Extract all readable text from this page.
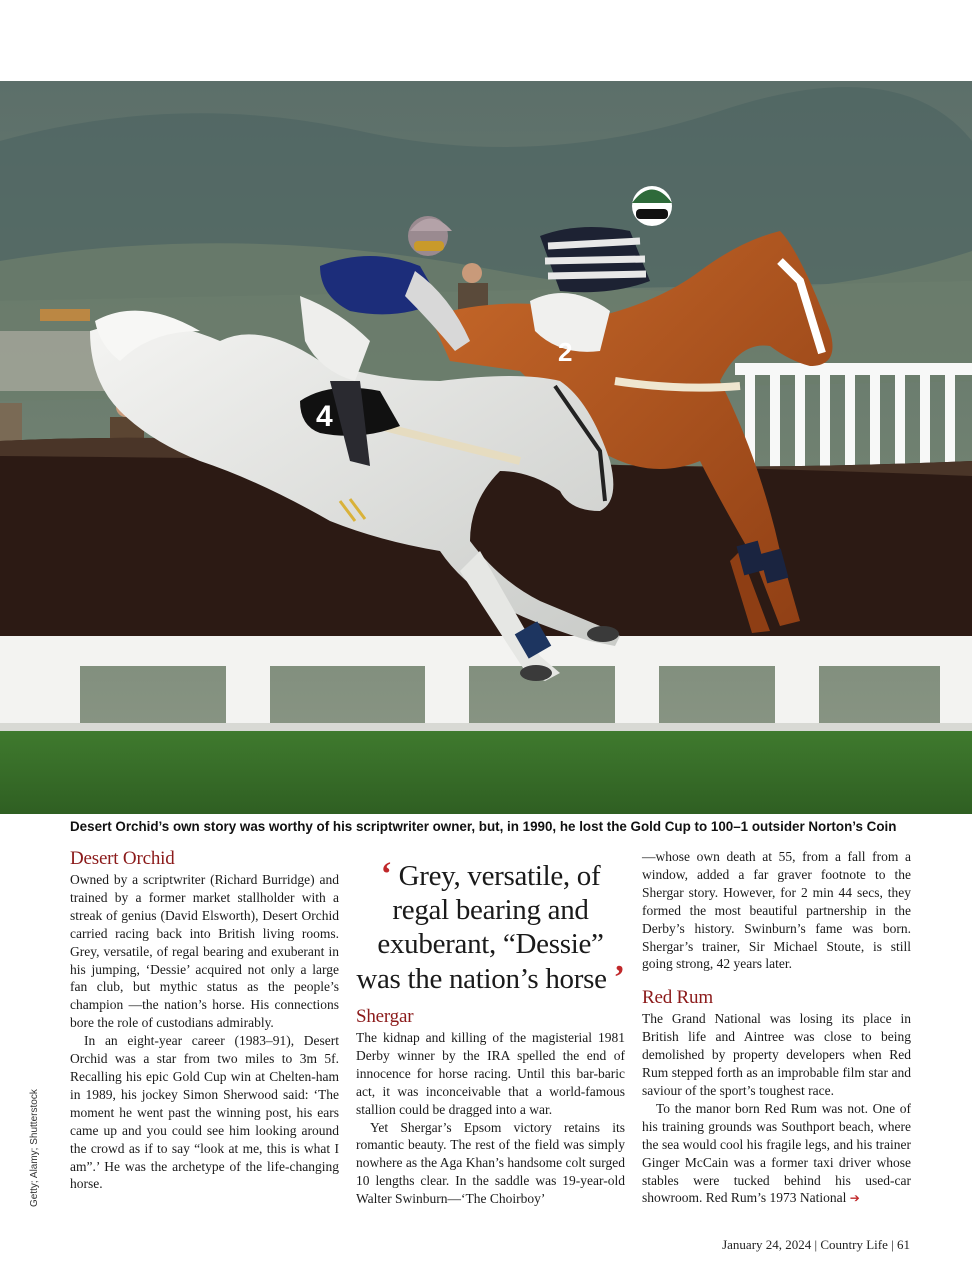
2
4
Desert Orchid’s own story was worthy of his scriptwriter owner, but, in 1990, he lost the Gold Cup to 100–1 outsider Norton’s Coin
Getty; Alamy; Shutterstock
Desert Orchid

Owned by a scriptwriter (Richard Burridge) and trained by a former market stallholder with a streak of genius (David Elsworth), Desert Orchid carried racing back into British living rooms. Grey, versatile, of regal bearing and exuberant in his jumping, ‘Dessie’ acquired not only a large fan club, but mythic status as the people’s champion —the nation’s horse. His connections bore the role of custodians admirably.

In an eight-year career (1983–91), Desert Orchid was a star from two miles to 3m 5f. Recalling his epic Gold Cup win at Chelten-ham in 1989, his jockey Simon Sherwood said: ‘The moment he went past the winning post, his ears came up and you could see him looking around the crowd as if to say “look at me, this is what I am”.’ He was the archetype of the life-changing horse.

‘ Grey, versatile, of regal bearing and exuberant, “Dessie” was the nation’s horse ’
Shergar

The kidnap and killing of the magisterial 1981 Derby winner by the IRA spelled the end of innocence for horse racing. Until this bar-baric act, it was inconceivable that a world-famous stallion could be dragged into a war.

Yet Shergar’s Epsom victory retains its romantic beauty. The rest of the field was simply nowhere as the Aga Khan’s handsome colt surged 10 lengths clear. In the saddle was 19-year-old Walter Swinburn—‘The Choirboy’

—whose own death at 55, from a fall from a window, added a far graver footnote to the Shergar story. However, for 2 min 44 secs, they formed the most beautiful partnership in the Derby’s history. Swinburn’s fame was born. Shergar’s trainer, Sir Michael Stoute, is still going strong, 42 years later.

Red Rum

The Grand National was losing its place in British life and Aintree was close to being demolished by property developers when Red Rum stepped forth as an improbable film star and saviour of the sport’s toughest race.

To the manor born Red Rum was not. One of his training grounds was Southport beach, where the sea would cool his fragile legs, and his trainer Ginger McCain was a former taxi driver whose stables were tucked behind his used-car showroom. Red Rum’s 1973 National ➔

January 24, 2024 | Country Life | 61
